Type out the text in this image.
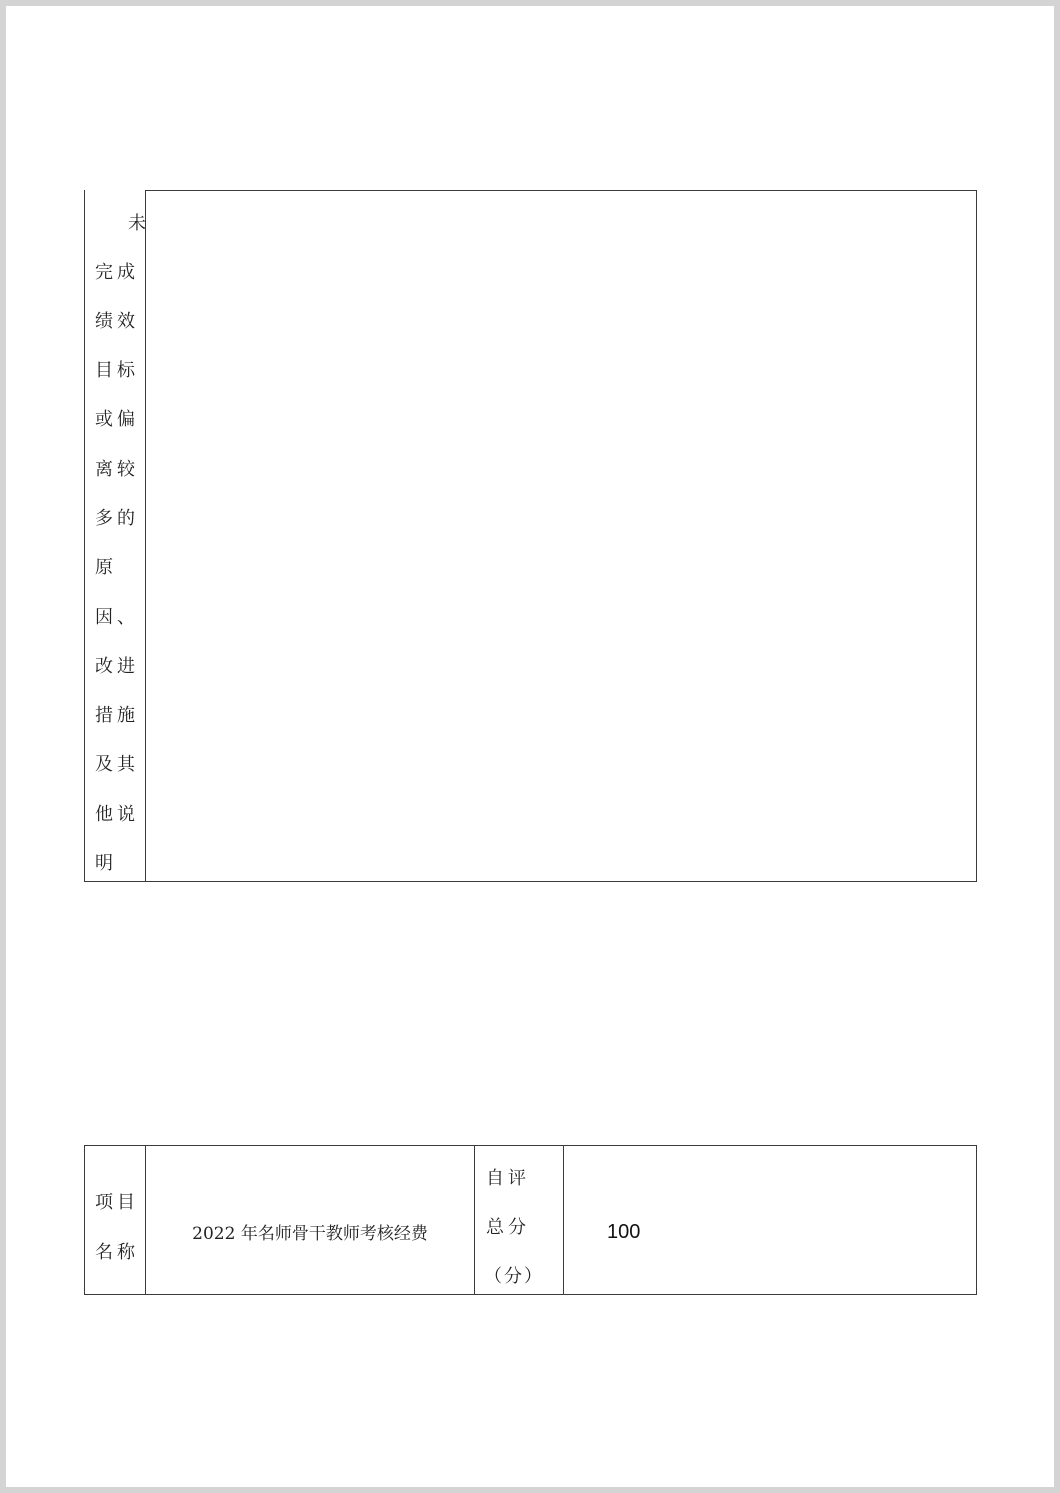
未
完成
绩效
目标
或偏
离较
多的
原
因、
改进
措施
及其
他说
明
项目
名称
2022 年名师骨干教师考核经费
自评
总分
（分）
100
